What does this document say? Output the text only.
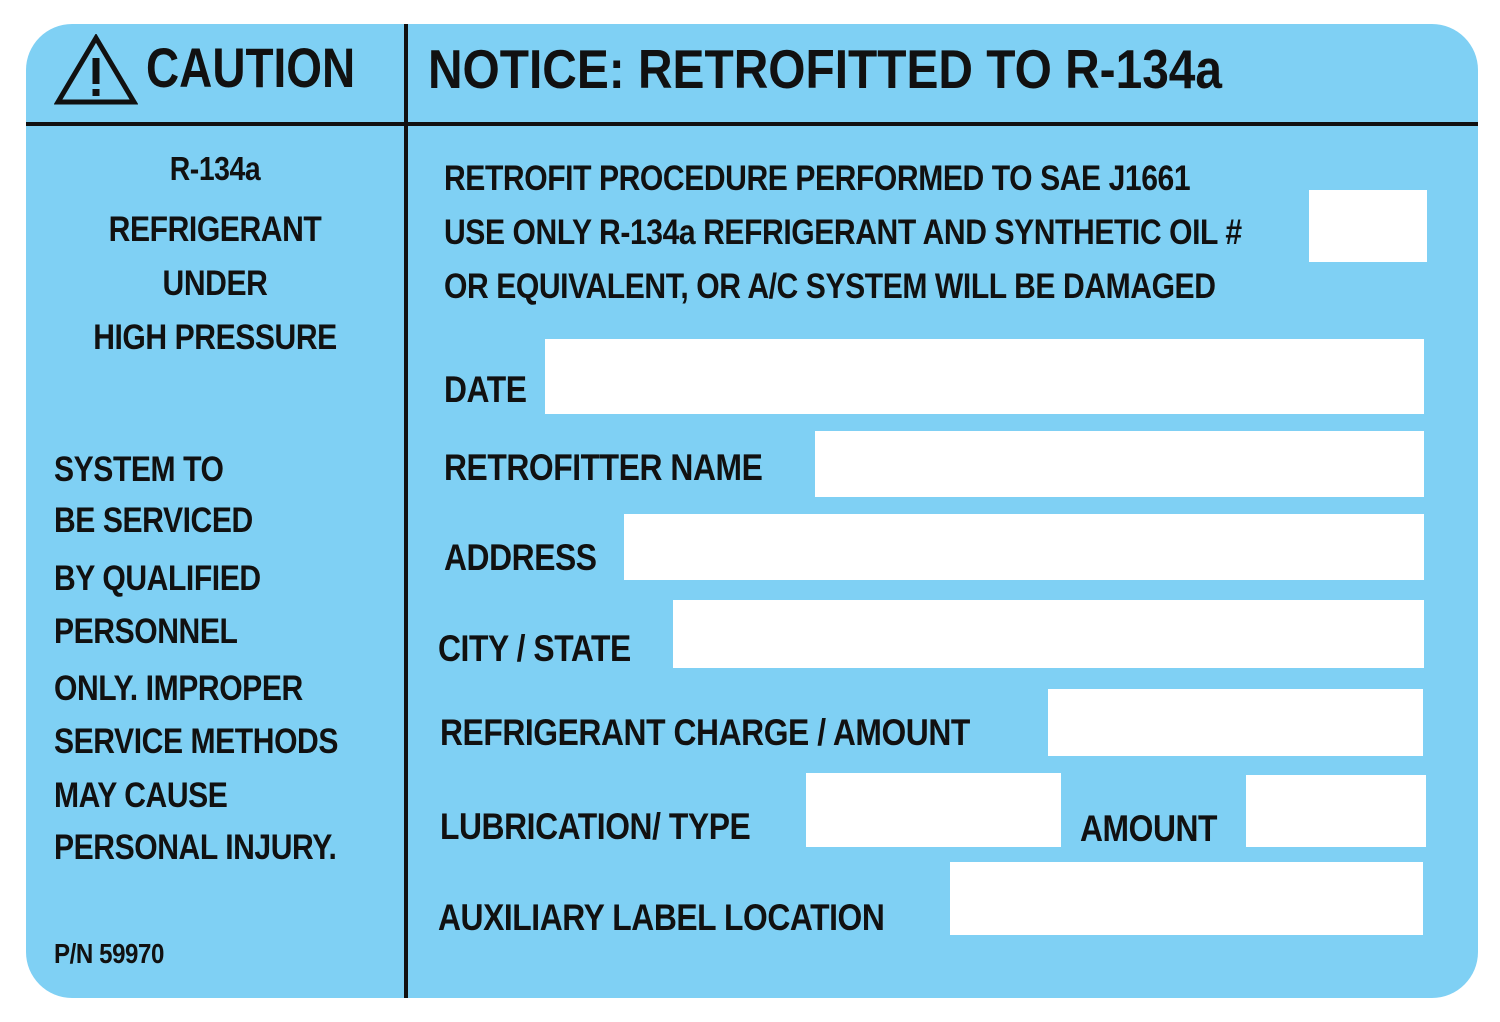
CAUTION NOTICE: RETROFITTED TO R-134a
R-134a
REFRIGERANT
UNDER
HIGH PRESSURE
SYSTEM TO
BE SERVICED
BY QUALIFIED
PERSONNEL
ONLY. IMPROPER
SERVICE METHODS
MAY CAUSE
PERSONAL INJURY.
P/N 59970
RETROFIT PROCEDURE PERFORMED TO SAE J1661
USE ONLY R-134a REFRIGERANT AND SYNTHETIC OIL #
OR EQUIVALENT, OR A/C SYSTEM WILL BE DAMAGED
DATE
RETROFITTER NAME
ADDRESS
CITY / STATE
REFRIGERANT CHARGE / AMOUNT
LUBRICATION/ TYPE	AMOUNT
AUXILIARY LABEL LOCATION
